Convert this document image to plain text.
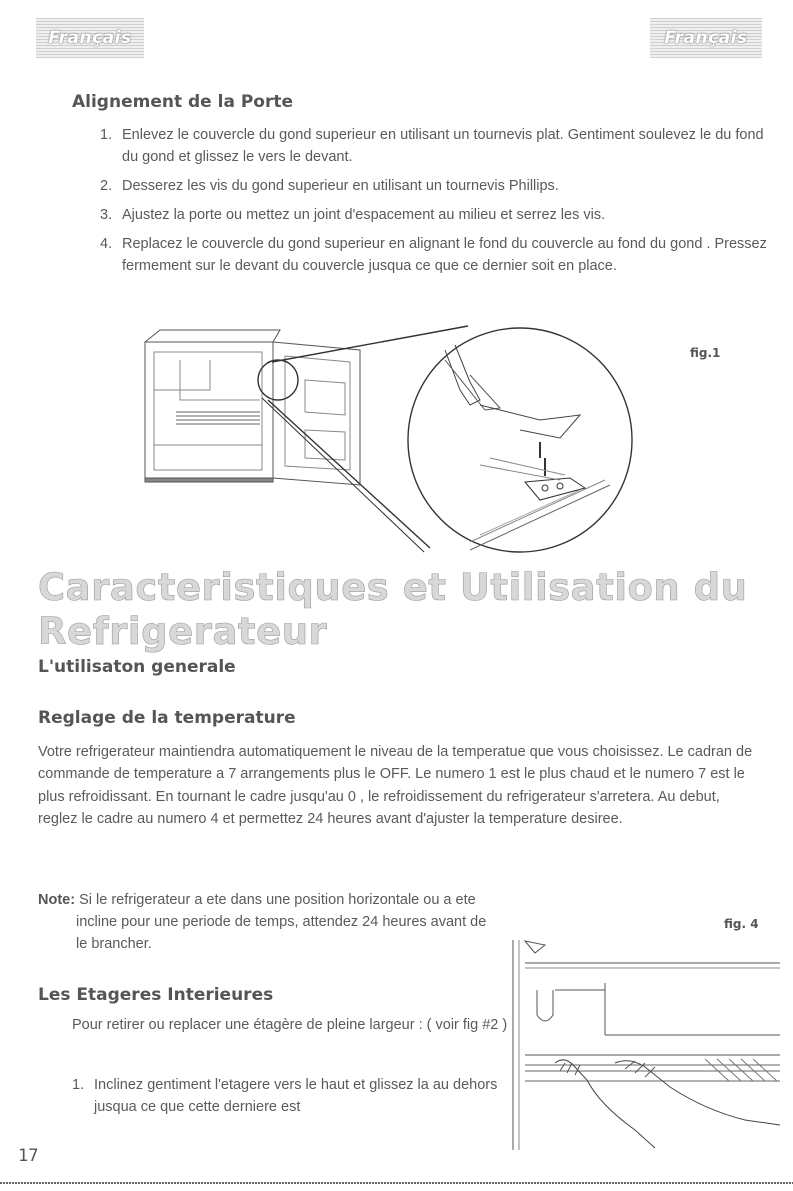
Français	Français
Alignement de la Porte
1. Enlevez le couvercle du gond superieur en utilisant un tournevis plat. Gentiment soulevez le du fond du gond et glissez le vers le devant.
2. Desserez les vis du gond superieur en utilisant un tournevis Phillips.
3. Ajustez la porte ou mettez un joint d'espacement au milieu et serrez les vis.
4. Replacez le couvercle du gond superieur en alignant le fond du couvercle au fond du gond . Pressez fermement sur le devant du couvercle jusqua ce que ce dernier soit en place.
fig.1
Caracteristiques et Utilisation du Refrigerateur
L'utilisaton generale
Reglage de la temperature

Votre refrigerateur maintiendra automatiquement le niveau de la temperatue que vous choisissez. Le cadran de commande de temperature a 7 arrangements plus le OFF. Le numero 1 est le plus chaud et le numero 7 est le plus refroidissant. En tournant le cadre jusqu'au 0 , le refroidissement du refrigerateur s'arretera. Au debut, reglez le cadre au numero 4 et permettez 24 heures avant d'ajuster la temperature desiree.

Note: Si le refrigerateur a ete dans une position horizontale ou a ete
incline pour une periode de temps, attendez 24 heures avant de le brancher.
fig. 4
Les Etageres Interieures
Pour retirer ou replacer une étagère de pleine largeur : ( voir fig #2 )
1. Inclinez gentiment l'etagere vers le haut et glissez la au dehors jusqua ce que cette derniere est
17
